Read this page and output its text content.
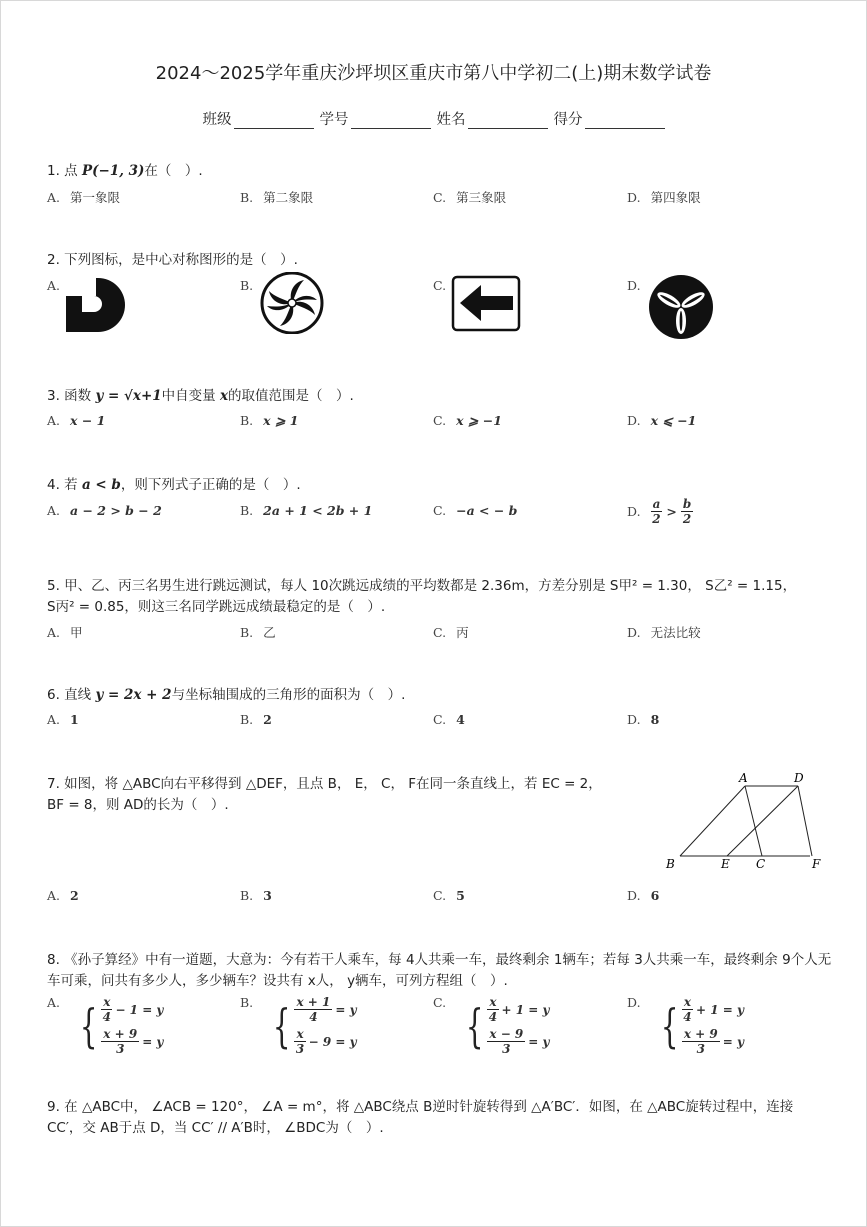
2024～2025学年重庆沙坪坝区重庆市第八中学初二(上)期末数学试卷
班级	学号	姓名	得分
1. 点 P(−1, 3)在（　）.
A. 第一象限	B. 第二象限	C. 第三象限	D. 第四象限
2. 下列图标，是中心对称图形的是（　）.
A.	B.	C.	D.
3. 函数 y = √x+1中自变量 x的取值范围是（　）.
A. x − 1	B. x ⩾ 1	C. x ⩾ −1	D. x ⩽ −1
4. 若 a < b，则下列式子正确的是（　）.
A. a − 2 > b − 2	B. 2a + 1 < 2b + 1	C. −a < − b	D. $\frac{a}{2} > \frac{b}{2}$
5. 甲、乙、丙三名男生进行跳远测试，每人 10次跳远成绩的平均数都是 2.36m，方差分别是 S甲² = 1.30， S乙² = 1.15，
S丙² = 0.85，则这三名同学跳远成绩最稳定的是（　）.
A. 甲	B. 乙	C. 丙	D. 无法比较
6. 直线 y = 2x + 2与坐标轴围成的三角形的面积为（　）.
A. 1	B. 2	C. 4	D. 8
7. 如图，将 △ABC向右平移得到 △DEF，且点 B， E， C， F在同一条直线上，若 EC = 2，
BF = 8，则 AD的长为（　）.
A	D
B	E C	F
A. 2	B. 3	C. 5	D. 6
8. 《孙子算经》中有一道题，大意为：今有若干人乘车，每 4人共乘一车，最终剩余 1辆车；若每 3人共乘一车，最终剩余 9个人无
车可乘，问共有多少人，多少辆车？设共有 x人， y辆车，可列方程组（　）.
A. { $\frac{x}{4} - 1 = y$
$\frac{x + 9}{3} = y$
B. { $\frac{x + 1}{4} = y$
$\frac{x}{3} - 9 = y$
C. { $\frac{x}{4} + 1 = y$
$\frac{x - 9}{3} = y$
D. { $\frac{x}{4} + 1 = y$
$\frac{x + 9}{3} = y$
9. 在 △ABC中， ∠ACB = 120°， ∠A = m°，将 △ABC绕点 B逆时针旋转得到 △A′BC′．如图，在 △ABC旋转过程中，连接
CC′，交 AB于点 D，当 CC′ // A′B时， ∠BDC为（　）.
